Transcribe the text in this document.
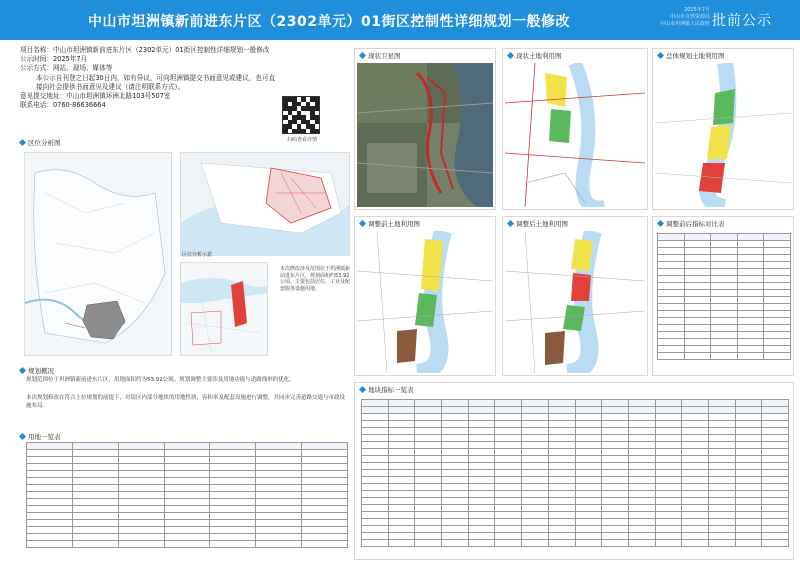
中山市坦洲镇新前进东片区（2302单元）01街区控制性详细规划一般修改
2025年7月
中山市自然资源局
中山市坦洲镇人民政府 批前公示
项目名称：中山市坦洲镇新前进东片区（2302单元）01街区控制性详细规划一般修改
公示时间：2025年7月
公示方式：网站、现场、媒体等
本公示自刊登之日起30日内，如有异议，可向坦洲镇提交书面意见或建议，也可直接向社会提供书面意见及建议（请注明联系方式）。
意见提交地址：中山市坦洲镇环洲北路103号507室
联系电话：0760-86636664
扫码查看详情
区位分析图
区位分析示意
本次修改涉及范围位于坦洲镇新前进东片区，规划面积约53.92公顷，主要包括居住、工业及配套服务设施用地。
规划概况
规划范围位于坦洲镇新前进东片区，用地面积约为53.92公顷。规划调整主要涉及用地功能与道路线形的优化。
本次规划修改在符合上位规划的前提下，对街区内部分地块的用地性质、容积率及配套设施进行调整，并同步完善道路交通与市政设施布局。
用地一览表

现状卫星图	现状土地利用图	总体规划土地利用图
调整前土地利用图	调整后土地利用图	调整前后指标对比表

地块指标一览表
